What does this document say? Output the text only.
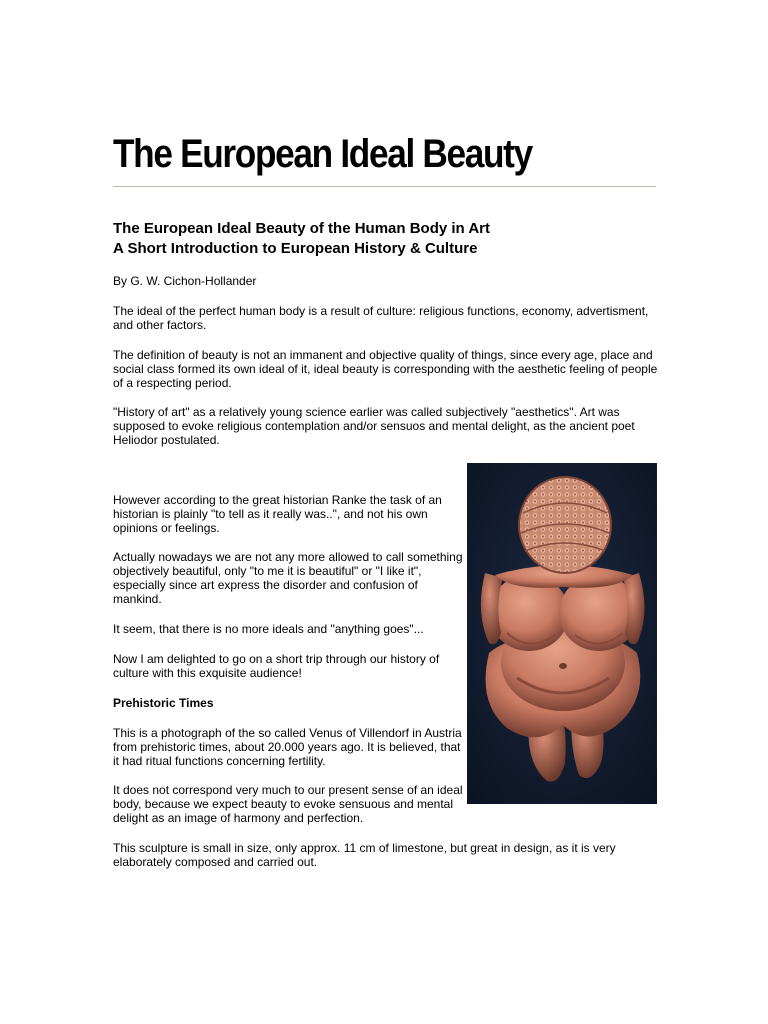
The European Ideal Beauty
The European Ideal Beauty of the Human Body in Art
A Short Introduction to European History & Culture

By G. W. Cichon-Hollander

The ideal of the perfect human body is a result of culture: religious functions, economy, advertisment, and other factors.

The definition of beauty is not an immanent and objective quality of things, since every age, place and social class formed its own ideal of it, ideal beauty is corresponding with the aesthetic feeling of people of a respecting period.

"History of art" as a relatively young science earlier was called subjectively "aesthetics". Art was supposed to evoke religious contemplation and/or sensuos and mental delight, as the ancient poet Heliodor postulated.

However according to the great historian Ranke the task of an historian is plainly "to tell as it really was..", and not his own opinions or feelings.

Actually nowadays we are not any more allowed to call something objectively beautiful, only "to me it is beautiful" or "I like it", especially since art express the disorder and confusion of mankind.

It seem, that there is no more ideals and "anything goes"...

Now I am delighted to go on a short trip through our history of culture with this exquisite audience!

Prehistoric Times

This is a photograph of the so called Venus of Villendorf in Austria from prehistoric times, about 20.000 years ago. It is believed, that it had ritual functions concerning fertility.

It does not correspond very much to our present sense of an ideal body, because we expect beauty to evoke sensuous and mental delight as an image of harmony and perfection.

This sculpture is small in size, only approx. 11 cm of limestone, but great in design, as it is very elaborately composed and carried out.
